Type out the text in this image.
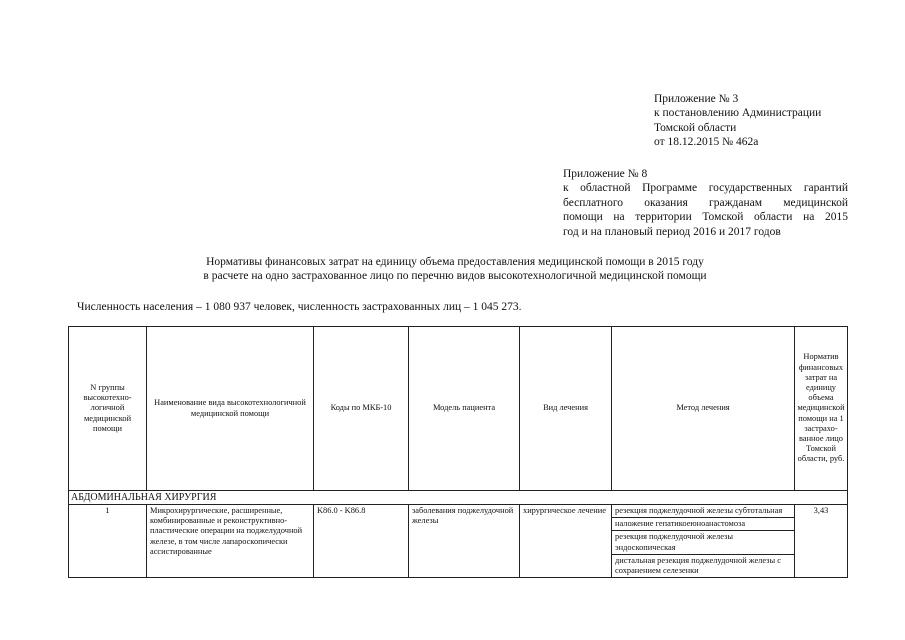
Приложение № 3
к постановлению Администрации
Томской области
от 18.12.2015 № 462а
Приложение № 8
к областной Программе государственных гарантий
бесплатного оказания гражданам медицинской
помощи на территории Томской области на 2015
год и на плановый период 2016 и 2017 годов
Нормативы финансовых затрат на единицу объема предоставления медицинской помощи в 2015 году
в расчете на одно застрахованное лицо по перечню видов высокотехнологичной медицинской помощи
Численность населения – 1 080 937 человек, численность застрахованных лиц – 1 045 273.
N группы высокотехно-логичной медицинской помощи	Наименование вида высокотехнологичной медицинской помощи	Коды по МКБ-10	Модель пациента	Вид лечения	Метод лечения	Норматив финансовых затрат на единицу объема медицинской помощи на 1 застрахо-ванное лицо Томской области, руб.
АБДОМИНАЛЬНАЯ ХИРУРГИЯ						
1	Микрохирургические, расширенные, комбинированные и реконструктивно-пластические операции на поджелудочной железе, в том числе лапароскопически ассистированные	K86.0 - K86.8	заболевания поджелудочной железы	хирургическое лечение	резекция поджелудочной железы субтотальная
наложение гепатикоеюноанастомоза
резекция поджелудочной железы эндоскопическая
дистальная резекция поджелудочной железы с сохранением селезенки	3,43
